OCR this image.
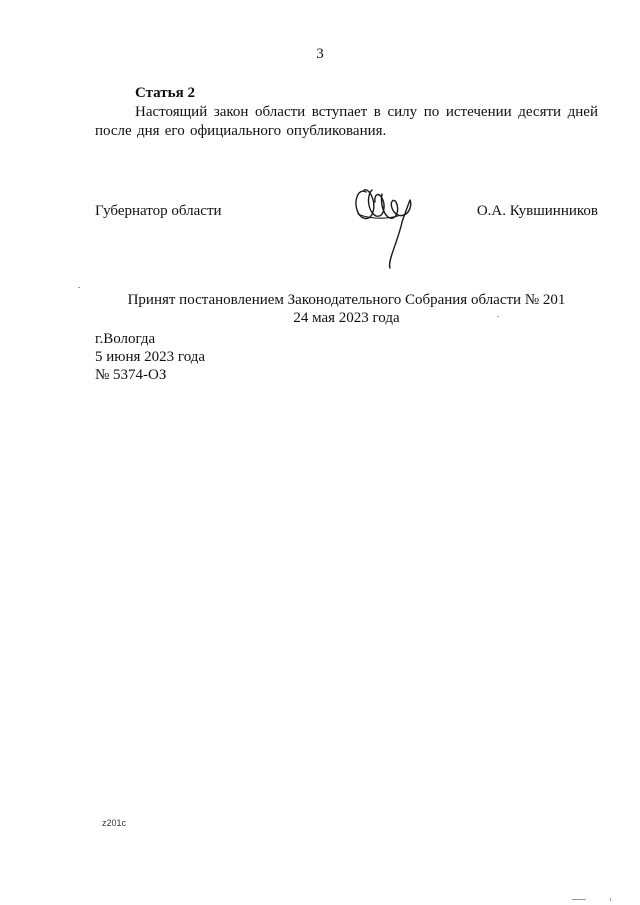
3
Статья 2

Настоящий закон области вступает в силу по истечении десяти дней после дня его официального опубликования.

Губернатор области	О.А. Кувшинников
Принят постановлением Законодательного Собрания области № 201
24 мая 2023 года
г.Вологда
5 июня 2023 года
№ 5374-ОЗ
z201c
